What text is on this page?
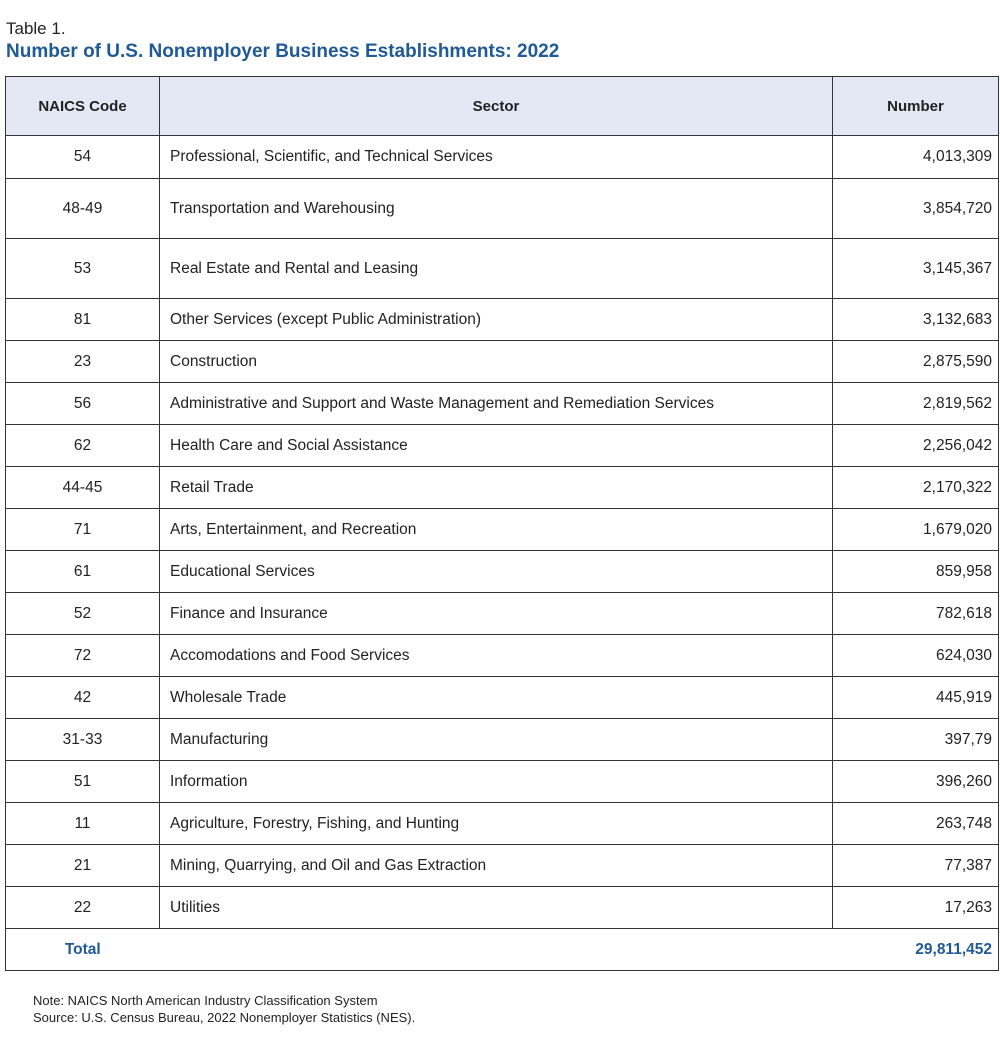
Table 1.
Number of U.S. Nonemployer Business Establishments: 2022
NAICS Code	Sector	Number
54	Professional, Scientific, and Technical Services	4,013,309
48-49	Transportation and Warehousing	3,854,720
53	Real Estate and Rental and Leasing	3,145,367
81	Other Services (except Public Administration)	3,132,683
23	Construction	2,875,590
56	Administrative and Support and Waste Management and Remediation Services	2,819,562
62	Health Care and Social Assistance	2,256,042
44-45	Retail Trade	2,170,322
71	Arts, Entertainment, and Recreation	1,679,020
61	Educational Services	859,958
52	Finance and Insurance	782,618
72	Accomodations and Food Services	624,030
42	Wholesale Trade	445,919
31-33	Manufacturing	397,79
51	Information	396,260
11	Agriculture, Forestry, Fishing, and Hunting	263,748
21	Mining, Quarrying, and Oil and Gas Extraction	77,387
22	Utilities	17,263
Total		29,811,452
Note: NAICS North American Industry Classification System
Source: U.S. Census Bureau, 2022 Nonemployer Statistics (NES).
